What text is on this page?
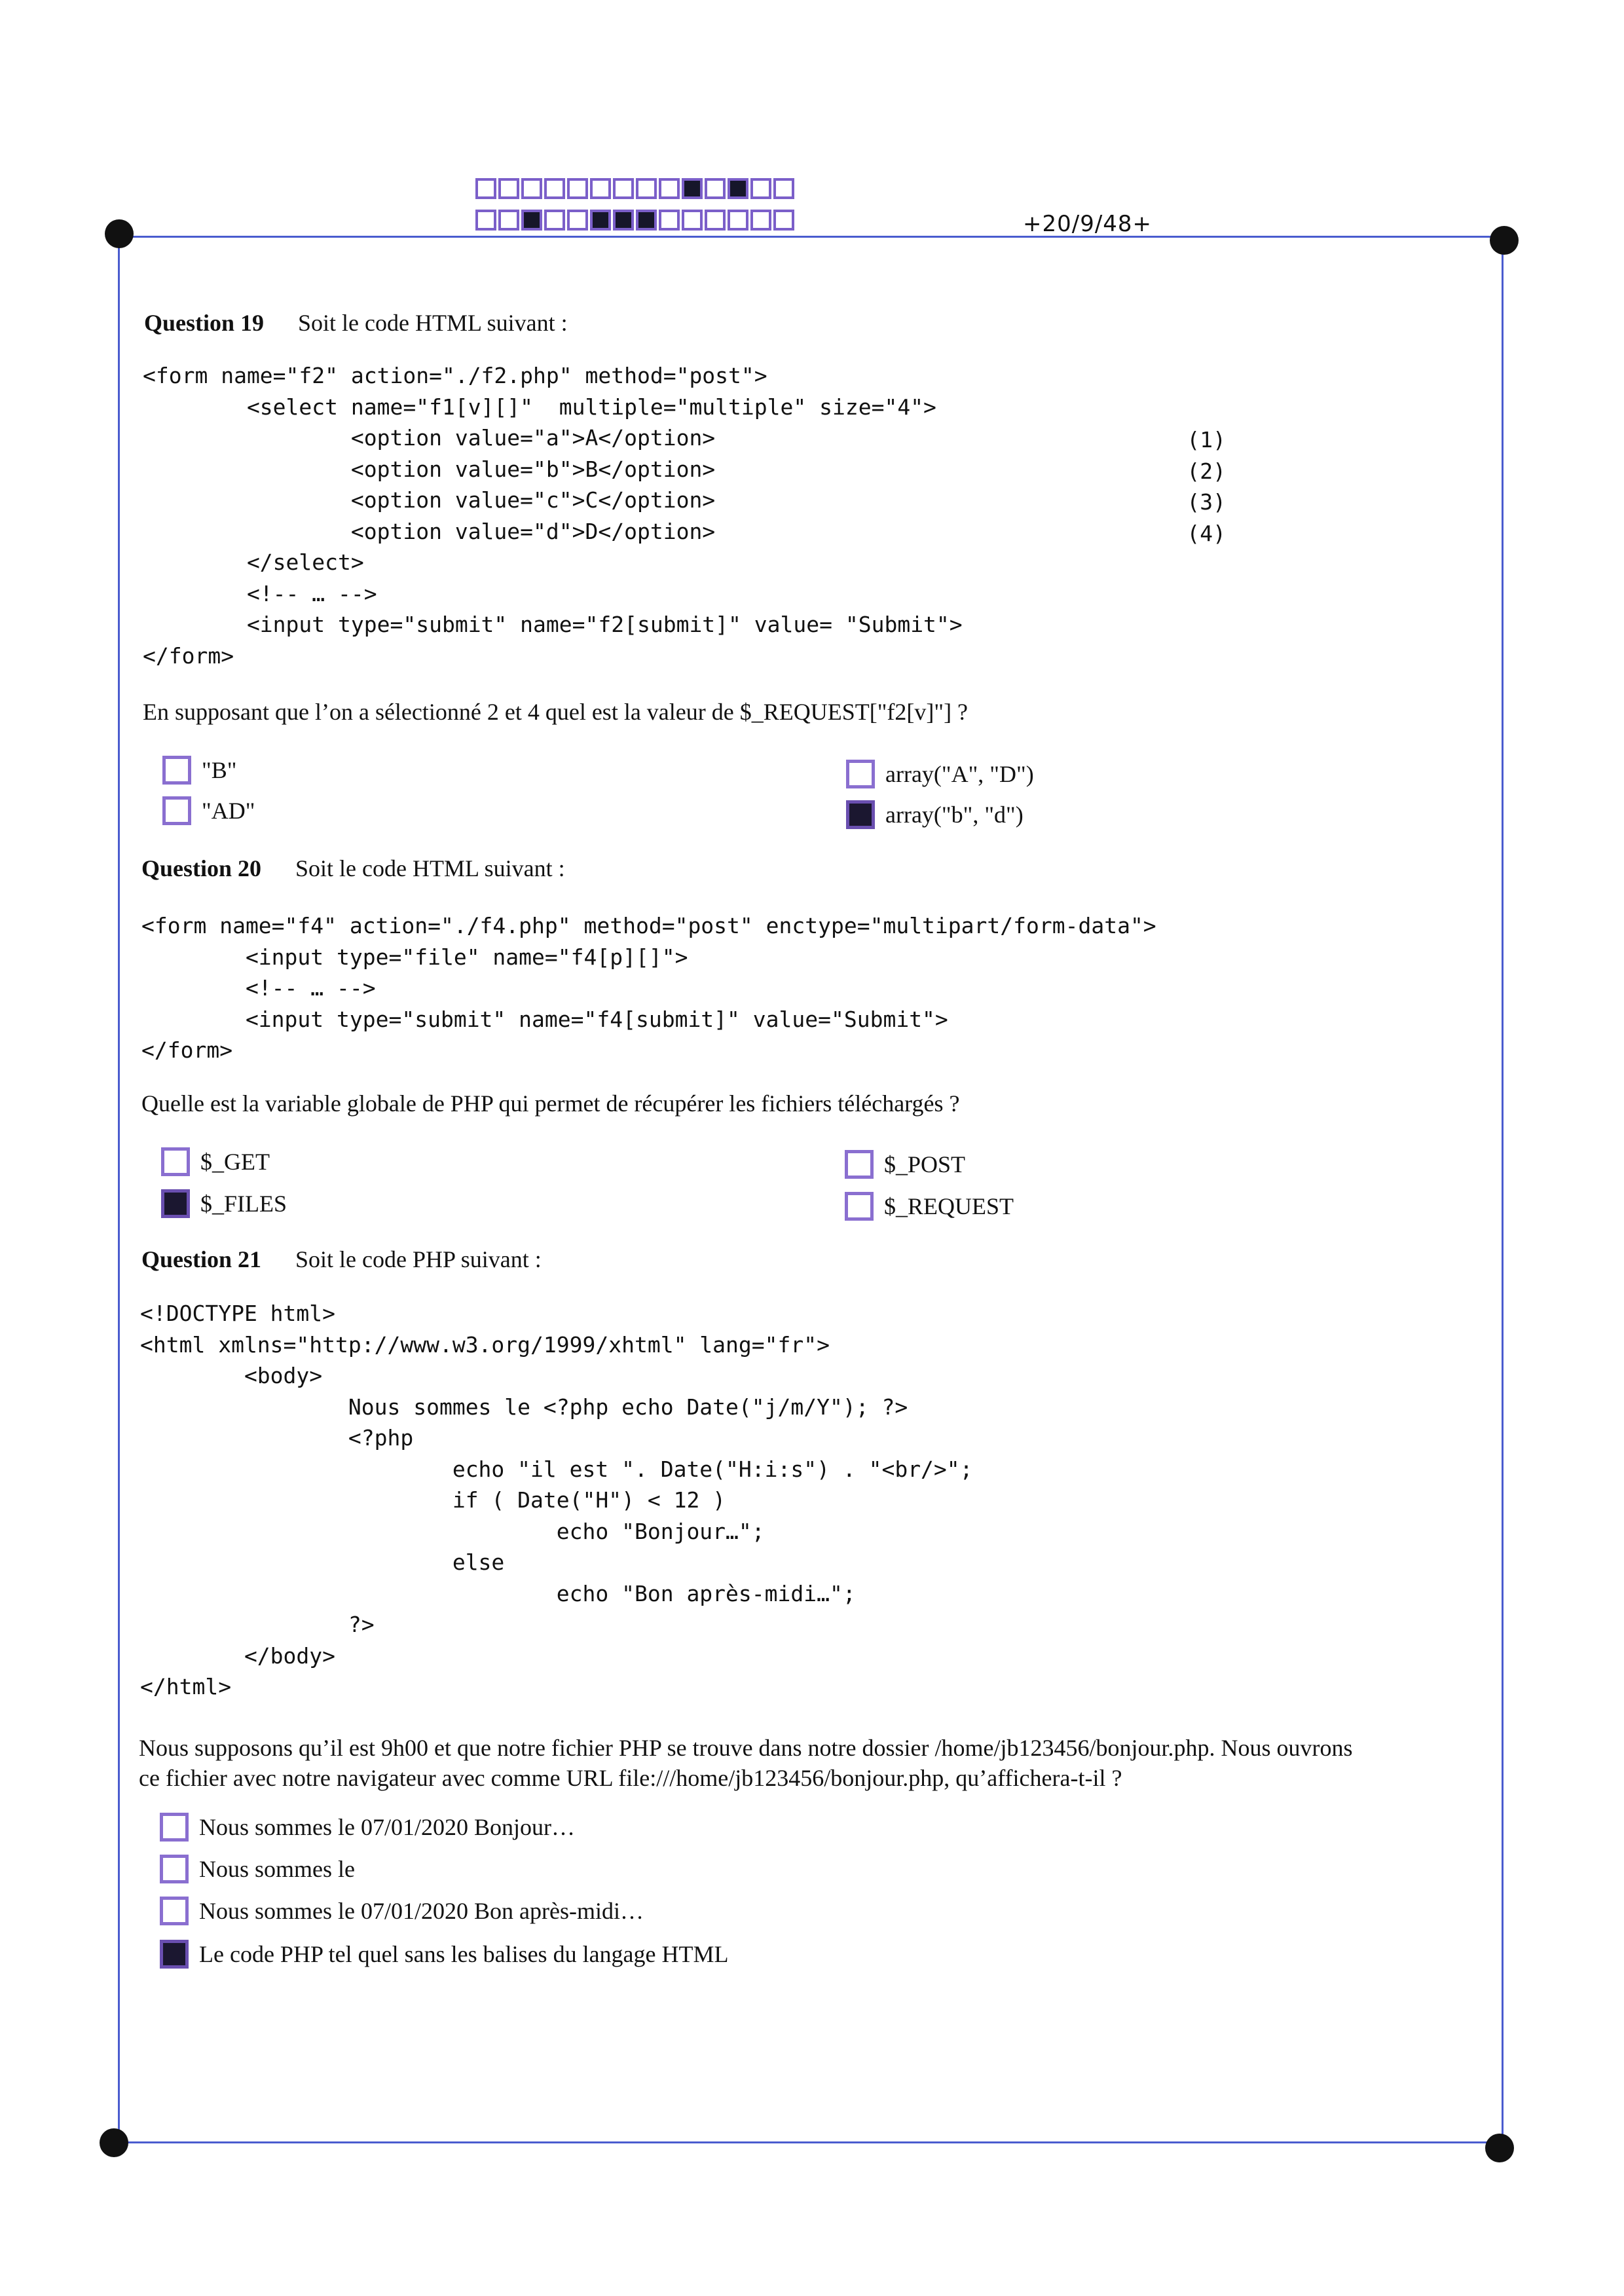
+20/9/48+
Question 19 Soit le code HTML suivant :
<form name="f2" action="./f2.php" method="post">
<select name="f1[v][]"  multiple="multiple" size="4">
<option value="a">A</option>
<option value="b">B</option>
<option value="c">C</option>
<option value="d">D</option>
</select>
<!-- … -->
<input type="submit" name="f2[submit]" value= "Submit">
</form>
(1)
(2)
(3)
(4)
En supposant que l’on a sélectionné 2 et 4 quel est la valeur de $_REQUEST["f2[v]"] ?
"B"
"AD"
array("A", "D")
array("b", "d")
Question 20 Soit le code HTML suivant :
<form name="f4" action="./f4.php" method="post" enctype="multipart/form-data">
<input type="file" name="f4[p][]">
<!-- … -->
<input type="submit" name="f4[submit]" value="Submit">
</form>
Quelle est la variable globale de PHP qui permet de récupérer les fichiers téléchargés ?
$_GET
$_FILES
$_POST
$_REQUEST
Question 21 Soit le code PHP suivant :
<!DOCTYPE html>
<html xmlns="http://www.w3.org/1999/xhtml" lang="fr">
<body>
Nous sommes le <?php echo Date("j/m/Y"); ?>
<?php
echo "il est ". Date("H:i:s") . "<br/>";
if ( Date("H") < 12 )
echo "Bonjour…";
else
echo "Bon après-midi…";
?>
</body>
</html>
Nous supposons qu’il est 9h00 et que notre fichier PHP se trouve dans notre dossier /home/jb123456/bonjour.php. Nous ouvrons
ce fichier avec notre navigateur avec comme URL file:///home/jb123456/bonjour.php, qu’affichera-t-il ?
Nous sommes le 07/01/2020 Bonjour…
Nous sommes le
Nous sommes le 07/01/2020 Bon après-midi…
Le code PHP tel quel sans les balises du langage HTML
